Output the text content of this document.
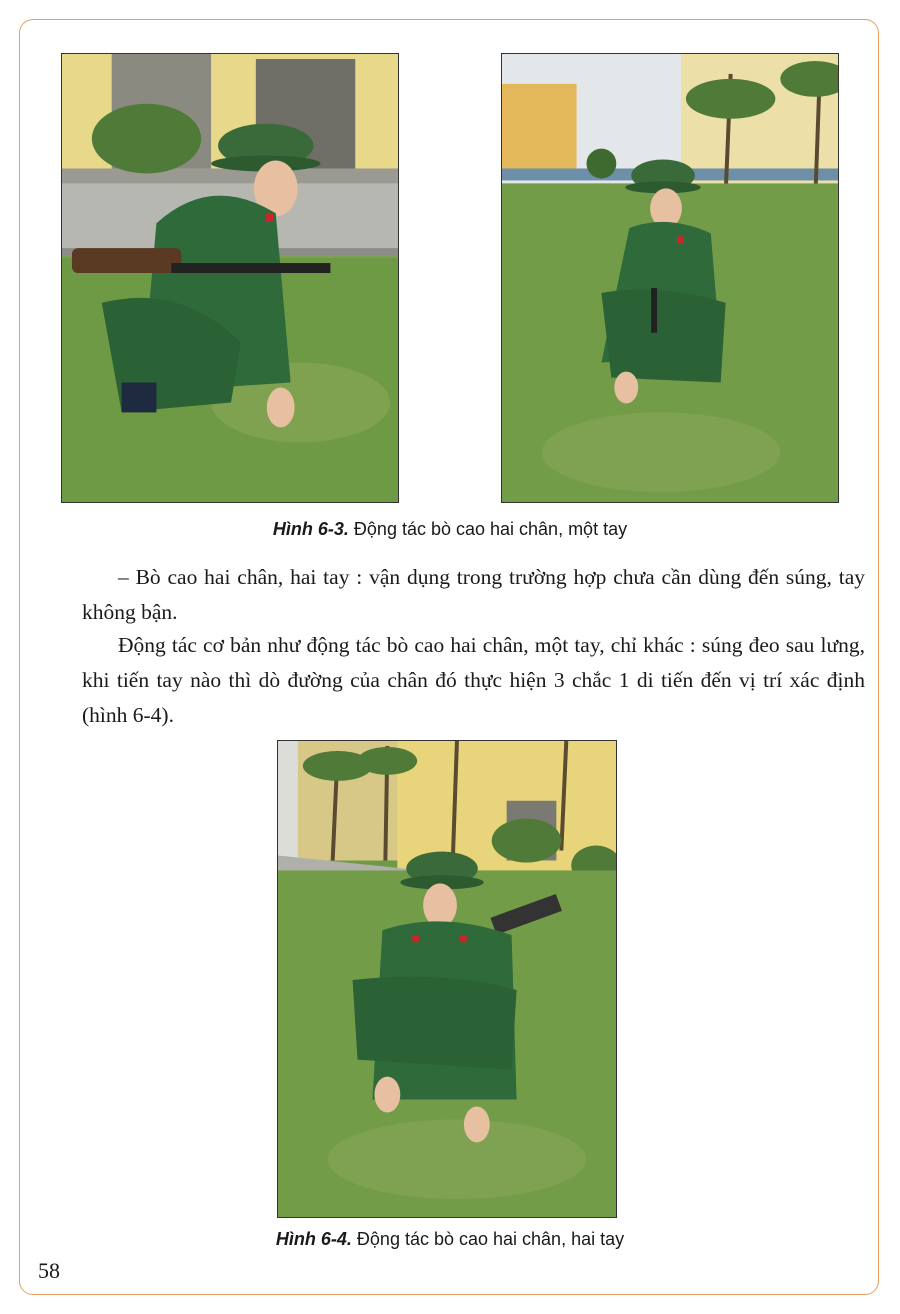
Hình 6-3. Động tác bò cao hai chân, một tay

– Bò cao hai chân, hai tay : vận dụng trong trường hợp chưa cần dùng đến súng, tay không bận.

Động tác cơ bản như động tác bò cao hai chân, một tay, chỉ khác : súng đeo sau lưng, khi tiến tay nào thì dò đường của chân đó thực hiện 3 chắc 1 di tiến đến vị trí xác định (hình 6-4).

Hình 6-4. Động tác bò cao hai chân, hai tay
58
